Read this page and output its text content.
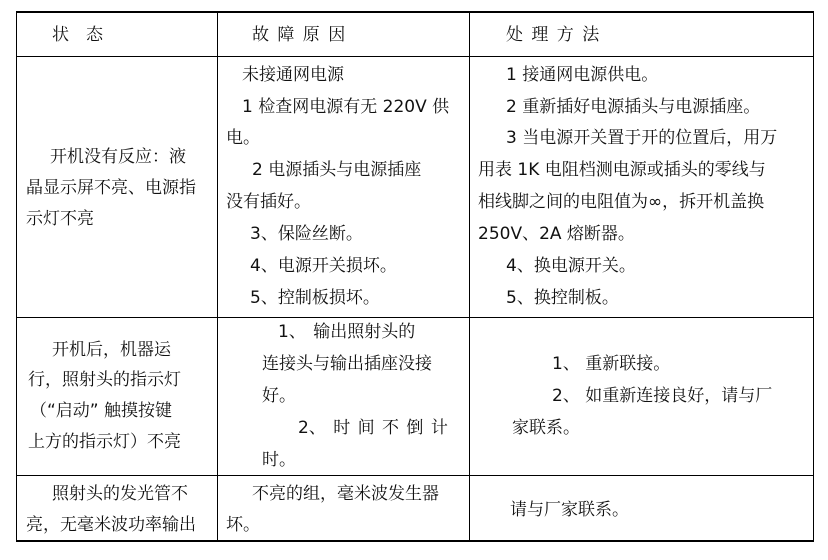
状　态	故 障 原 因	处 理 方 法
开机没有反应：液
晶显示屏不亮、电源指
示灯不亮
未接通网电源
1 检查网电源有无 220V 供
电。
2 电源插头与电源插座
没有插好。
3、保险丝断。
4、电源开关损坏。
5、控制板损坏。
1 接通网电源供电。
2 重新插好电源插头与电源插座。
3 当电源开关置于开的位置后，用万
用表 1K 电阻档测电源或插头的零线与
相线脚之间的电阻值为∞，拆开机盖换
250V、2A 熔断器。
4、换电源开关。
5、换控制板。
开机后，机器运
行，照射头的指示灯
（“启动” 触摸按键
上方的指示灯）不亮
1、 输出照射头的
连接头与输出插座没接
好。
2、 时 间 不 倒 计
时。
1、 重新联接。
2、 如重新连接良好，请与厂
家联系。
照射头的发光管不
亮，无毫米波功率输出
不亮的组，毫米波发生器
坏。
请与厂家联系。
